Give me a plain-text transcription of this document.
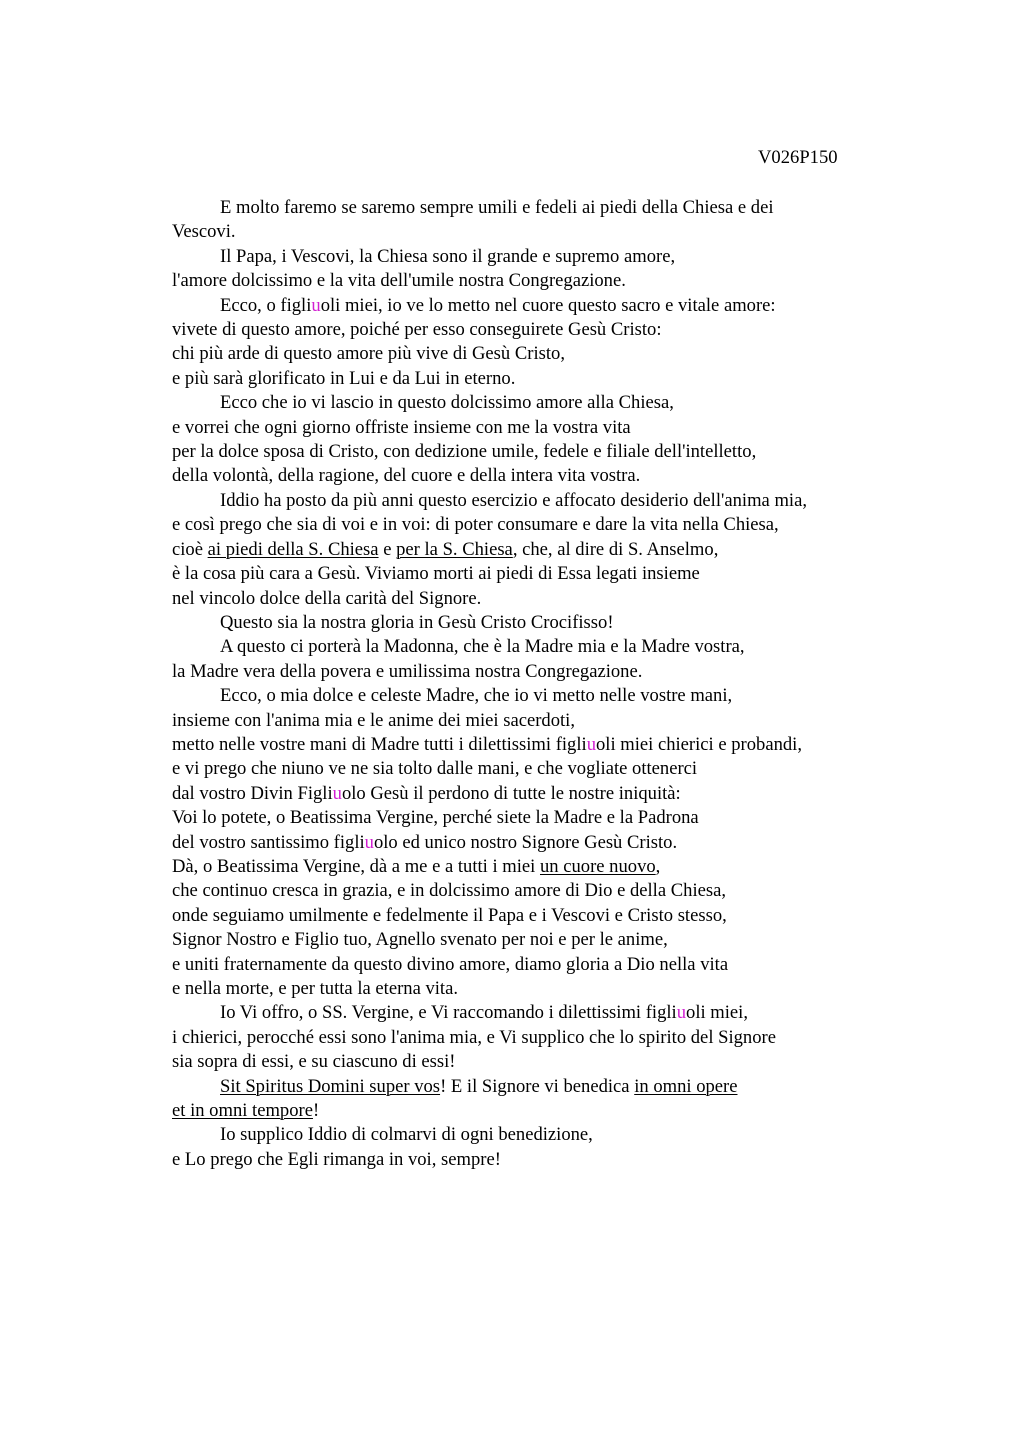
V026P150
E molto faremo se saremo sempre umili e fedeli ai piedi della Chiesa e dei
Vescovi.
Il Papa, i Vescovi, la Chiesa sono il grande e supremo amore,
l'amore dolcissimo e la vita dell'umile nostra Congregazione.
Ecco, o figliuoli miei, io ve lo metto nel cuore questo sacro e vitale amore:
vivete di questo amore, poiché per esso conseguirete Gesù Cristo:
chi più arde di questo amore più vive di Gesù Cristo,
e più sarà glorificato in Lui e da Lui in eterno.
Ecco che io vi lascio in questo dolcissimo amore alla Chiesa,
e vorrei che ogni giorno offriste insieme con me la vostra vita
per la dolce sposa di Cristo, con dedizione umile, fedele e filiale dell'intelletto,
della volontà, della ragione, del cuore e della intera vita vostra.
Iddio ha posto da più anni questo esercizio e affocato desiderio dell'anima mia,
e così prego che sia di voi e in voi: di poter consumare e dare la vita nella Chiesa,
cioè ai piedi della S. Chiesa e per la S. Chiesa, che, al dire di S. Anselmo,
è la cosa più cara a Gesù. Viviamo morti ai piedi di Essa legati insieme
nel vincolo dolce della carità del Signore.
Questo sia la nostra gloria in Gesù Cristo Crocifisso!
A questo ci porterà la Madonna, che è la Madre mia e la Madre vostra,
la Madre vera della povera e umilissima nostra Congregazione.
Ecco, o mia dolce e celeste Madre, che io vi metto nelle vostre mani,
insieme con l'anima mia e le anime dei miei sacerdoti,
metto nelle vostre mani di Madre tutti i dilettissimi figliuoli miei chierici e probandi,
e vi prego che niuno ve ne sia tolto dalle mani, e che vogliate ottenerci
dal vostro Divin Figliuolo Gesù il perdono di tutte le nostre iniquità:
Voi lo potete, o Beatissima Vergine, perché siete la Madre e la Padrona
del vostro santissimo figliuolo ed unico nostro Signore Gesù Cristo.
Dà, o Beatissima Vergine, dà a me e a tutti i miei un cuore nuovo,
che continuo cresca in grazia, e in dolcissimo amore di Dio e della Chiesa,
onde seguiamo umilmente e fedelmente il Papa e i Vescovi e Cristo stesso,
Signor Nostro e Figlio tuo, Agnello svenato per noi e per le anime,
e uniti fraternamente da questo divino amore, diamo gloria a Dio nella vita
e nella morte, e per tutta la eterna vita.
Io Vi offro, o SS. Vergine, e Vi raccomando i dilettissimi figliuoli miei,
i chierici, perocché essi sono l'anima mia, e Vi supplico che lo spirito del Signore
sia sopra di essi, e su ciascuno di essi!
Sit Spiritus Domini super vos! E il Signore vi benedica in omni opere
et in omni tempore!
Io supplico Iddio di colmarvi di ogni benedizione,
e Lo prego che Egli rimanga in voi, sempre!
